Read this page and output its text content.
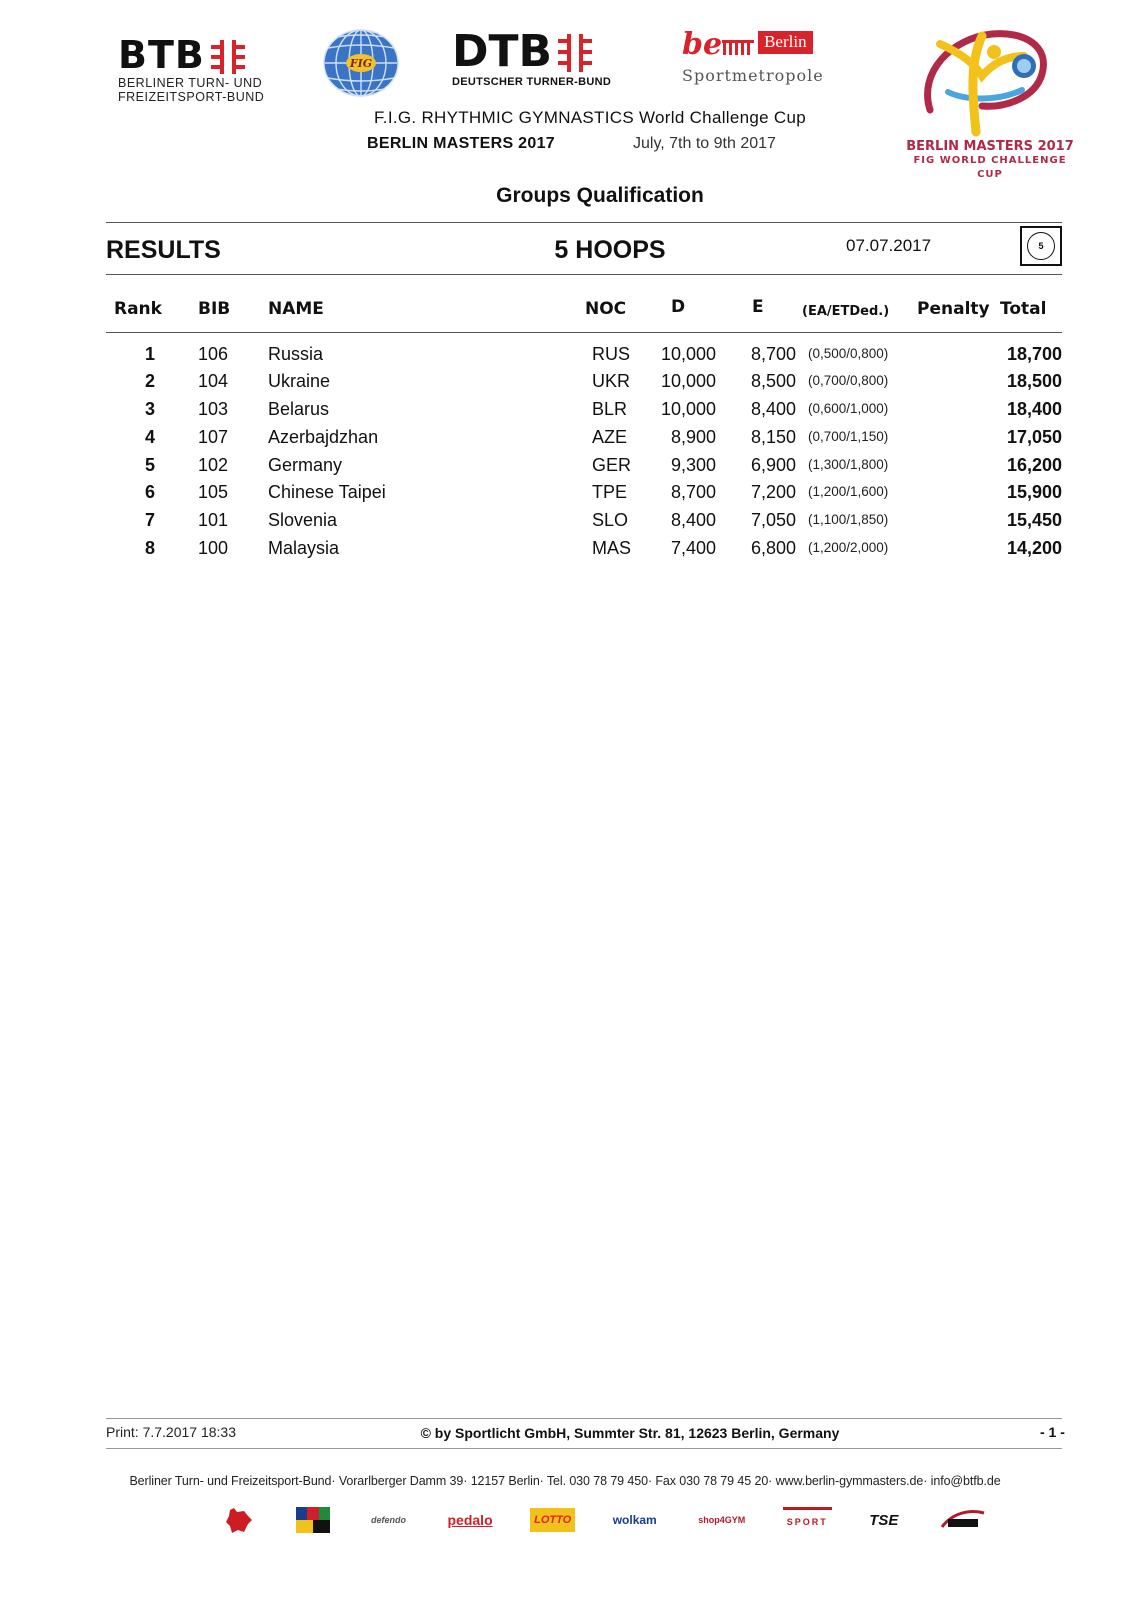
BTB
BERLINER TURN- UND
FREIZEITSPORT-BUND
FIG DTB
DEUTSCHER TURNER-BUND
be	Berlin
Sportmetropole
BERLIN MASTERS 2017
FIG WORLD CHALLENGE CUP
F.I.G. RHYTHMIC GYMNASTICS World Challenge Cup
BERLIN MASTERS 2017	July, 7th to 9th 2017
Groups Qualification
RESULTS	5 HOOPS	07.07.2017	5
Rank BIB NAME	NOC	D	E	(EA/ETDed.) Penalty Total
1 106 Russia	RUS	10,000	8,700 (0,500/0,800)	18,700
2 104 Ukraine	UKR	10,000	8,500 (0,700/0,800)	18,500
3 103 Belarus	BLR	10,000	8,400 (0,600/1,000)	18,400
4 107 Azerbajdzhan	AZE	8,900	8,150 (0,700/1,150)	17,050
5 102 Germany	GER	9,300	6,900 (1,300/1,800)	16,200
6 105 Chinese Taipei	TPE	8,700	7,200 (1,200/1,600)	15,900
7 101 Slovenia	SLO	8,400	7,050 (1,100/1,850)	15,450
8 100 Malaysia	MAS	7,400	6,800 (1,200/2,000)	14,200
Print: 7.7.2017 18:33	© by Sportlicht GmbH, Summter Str. 81, 12623 Berlin, Germany	- 1 -
Berliner Turn- und Freizeitsport-Bund· Vorarlberger Damm 39· 12157 Berlin· Tel. 030 78 79 450· Fax 030 78 79 45 20· www.berlin-gymmasters.de· info@btfb.de
defendo	pedalo	LOTTO	wolkam	shop4GYM	SPORT	TSE
